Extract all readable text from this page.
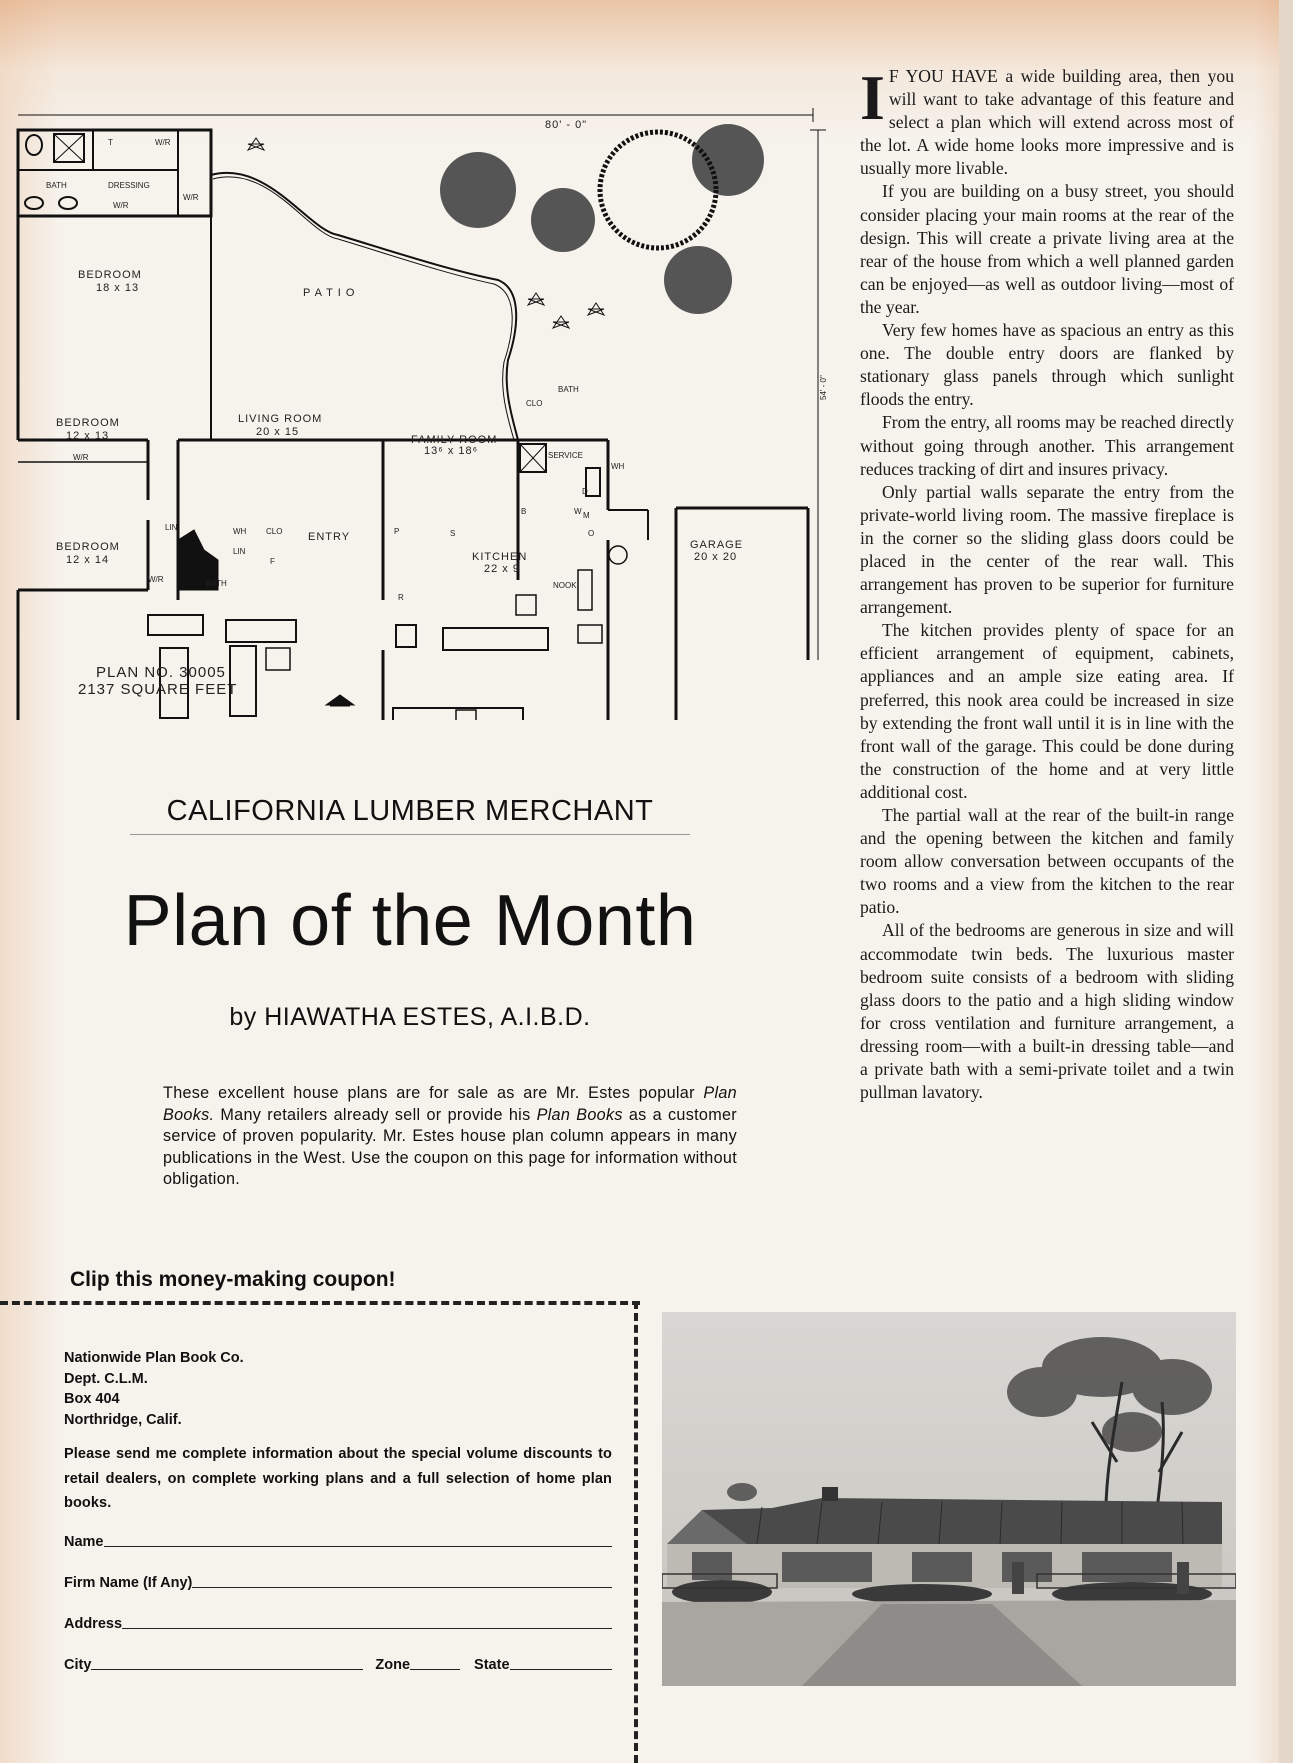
80' - 0"
BATH	DRESSING
W/R
T
W/R
W/R
BEDROOM
18 x 13	P A T I O
W/R
BEDROOM
12 x 13
LIVING ROOM
20 x 15
FAMILY ROOM
13⁶ x 18⁶
CLO
BATH
SERVICE
WH
BEDROOM
12 x 14
LIN	WH CLO
LIN
F
ENTRY	P	S
B
D
W M
O
R
W/R	BATH
KITCHEN
22 x 9
NOOK
GARAGE
20 x 20
PLAN NO. 30005
2137 SQUARE FEET
54' - 0"
CALIFORNIA LUMBER MERCHANT
Plan of the Month

by HIAWATHA ESTES, A.I.B.D.

These excellent house plans are for sale as are Mr. Estes popular Plan Books. Many retailers already sell or provide his Plan Books as a customer service of proven popularity. Mr. Estes house plan column appears in many publications in the West. Use the coupon on this page for information without obligation.

I F YOU HAVE a wide building area, then you will want to take advantage of this feature and select a plan which will extend across most of the lot. A wide home looks more impressive and is usually more livable.

If you are building on a busy street, you should consider placing your main rooms at the rear of the design. This will create a private living area at the rear of the house from which a well planned garden can be enjoyed—as well as outdoor living—most of the year.

Very few homes have as spacious an entry as this one. The double entry doors are flanked by stationary glass panels through which sunlight floods the entry.

From the entry, all rooms may be reached directly without going through another. This arrangement reduces tracking of dirt and insures privacy.

Only partial walls separate the entry from the private-world living room. The massive fireplace is in the corner so the sliding glass doors could be placed in the center of the rear wall. This arrangement has proven to be superior for furniture arrangement.

The kitchen provides plenty of space for an efficient arrangement of equipment, cabinets, appliances and an ample size eating area. If preferred, this nook area could be increased in size by extending the front wall until it is in line with the front wall of the garage. This could be done during the construction of the home and at very little additional cost.

The partial wall at the rear of the built-in range and the opening between the kitchen and family room allow conversation between occupants of the two rooms and a view from the kitchen to the rear patio.

All of the bedrooms are generous in size and will accommodate twin beds. The luxurious master bedroom suite consists of a bedroom with sliding glass doors to the patio and a high sliding window for cross ventilation and furniture arrangement, a dressing room—with a built-in dressing table—and a private bath with a semi-private toilet and a twin pullman lavatory.

Clip this money-making coupon!
Nationwide Plan Book Co.
Dept. C.L.M.
Box 404
Northridge, Calif.
Please send me complete information about the special volume discounts to retail dealers, on complete working plans and a full selection of home plan books.
Name
Firm Name (If Any)
Address
City	Zone	State
